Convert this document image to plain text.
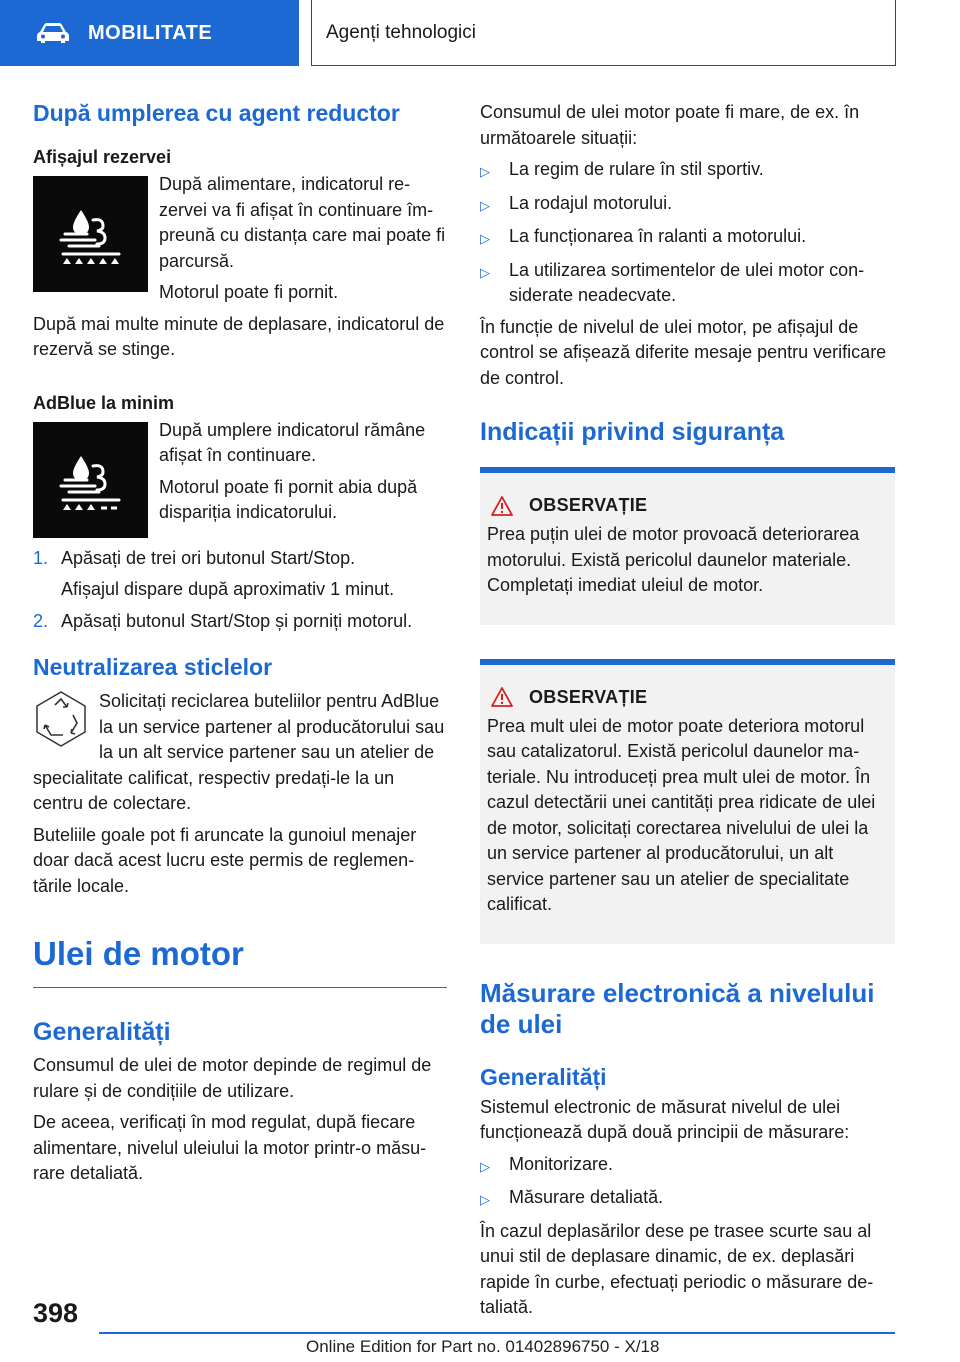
MOBILITATE	Agenți tehnologici
După umplerea cu agent reductor
Afișajul rezervei
După alimentare, indicatorul rezervei va fi afișat în continuare împreună cu distanța care mai poate fi parcursă.
Motorul poate fi pornit.
După mai multe minute de deplasare, indicatorul de rezervă se stinge.
AdBlue la minim
După umplere indicatorul rămâne afișat în continuare.
Motorul poate fi pornit abia după dispariția indicatorului.
1. Apăsați de trei ori butonul Start/Stop.
Afișajul dispare după aproximativ 1 minut.
2. Apăsați butonul Start/Stop și porniți motorul.
Neutralizarea sticlelor
Solicitați reciclarea buteliilor pentru AdBlue la un service partener al producătorului sau la un alt service partener sau un atelier de specialitate calificat, respectiv predați-le la un centru de colectare.
Buteliile goale pot fi aruncate la gunoiul menajer doar dacă acest lucru este permis de reglementările locale.
Ulei de motor
Generalități
Consumul de ulei de motor depinde de regimul de rulare și de condițiile de utilizare.
De aceea, verificați în mod regulat, după fiecare alimentare, nivelul uleiului la motor printr-o măsurare detaliată.
Consumul de ulei motor poate fi mare, de ex. în următoarele situații:
▷	La regim de rulare în stil sportiv.
▷	La rodajul motorului.
▷	La funcționarea în ralanti a motorului.
▷	La utilizarea sortimentelor de ulei motor considerate neadecvate.
În funcție de nivelul de ulei motor, pe afișajul de control se afișează diferite mesaje pentru verificare de control.
Indicații privind siguranța
OBSERVAȚIE
Prea puțin ulei de motor provoacă deteriorarea motorului. Există pericolul daunelor materiale. Completați imediat uleiul de motor.
OBSERVAȚIE
Prea mult ulei de motor poate deteriora motorul sau catalizatorul. Există pericolul daunelor materiale. Nu introduceți prea mult ulei de motor. În cazul detectării unei cantități prea ridicate de ulei de motor, solicitați corectarea nivelului de ulei la un service partener al producătorului, un alt service partener sau un atelier de specialitate calificat.
Măsurare electronică a nivelului de ulei
Generalități
Sistemul electronic de măsurat nivelul de ulei funcționează după două principii de măsurare:
▷	Monitorizare.
▷	Măsurare detaliată.
În cazul deplasărilor dese pe trasee scurte sau al unui stil de deplasare dinamic, de ex. deplasări rapide în curbe, efectuați periodic o măsurare detaliată.
398
Online Edition for Part no. 01402896750 - X/18
